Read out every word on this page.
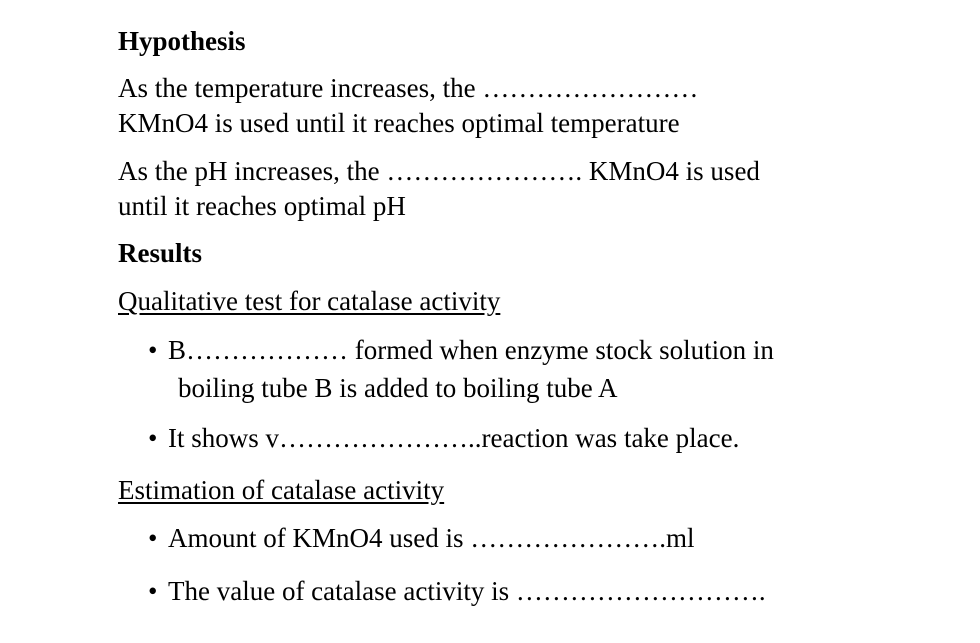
Hypothesis
As the temperature increases, the ……………………
KMnO4 is used until it reaches optimal temperature
As the pH increases, the …………………. KMnO4 is used
until it reaches optimal pH
Results
Qualitative test for catalase activity
• B……………… formed when enzyme stock solution in
boiling tube B is added to boiling tube A
• It shows v…………………..reaction was take place.
Estimation of catalase activity
• Amount of KMnO4 used is ………………….ml
• The value of catalase activity is ……………………….
